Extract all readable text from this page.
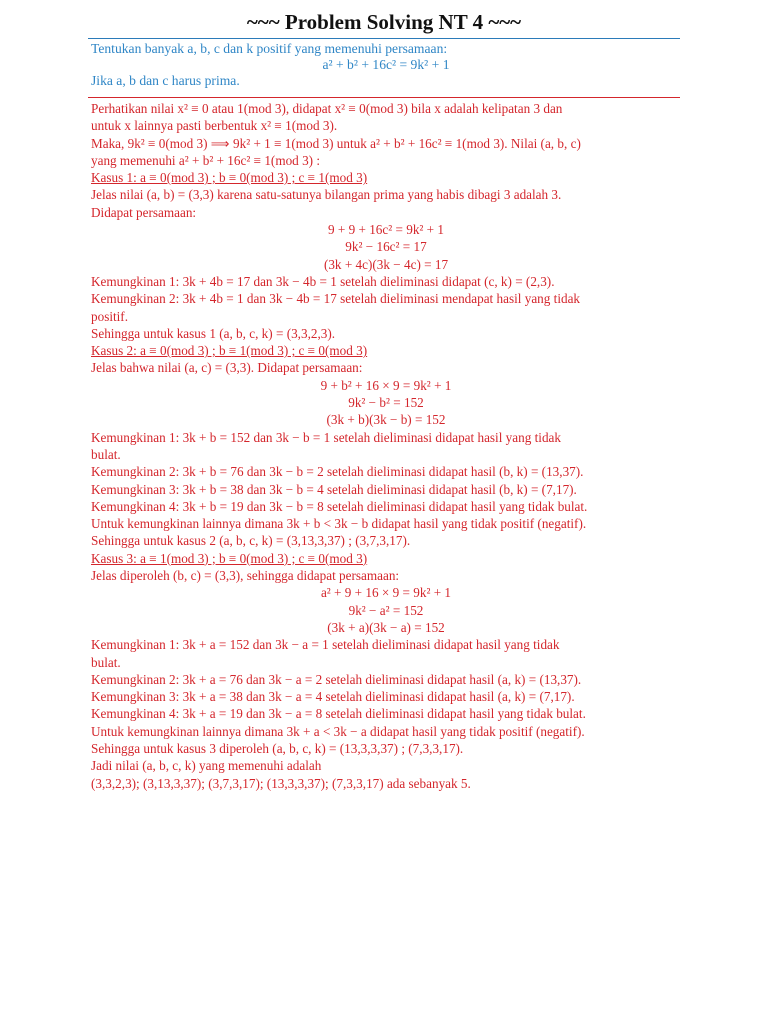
~~~ Problem Solving NT 4 ~~~
Tentukan banyak a, b, c dan k positif yang memenuhi persamaan:
a² + b² + 16c² = 9k² + 1
Jika a, b dan c harus prima.
Perhatikan nilai x² ≡ 0 atau 1(mod 3), didapat x² ≡ 0(mod 3) bila x adalah kelipatan 3 dan
untuk x lainnya pasti berbentuk x² ≡ 1(mod 3).
Maka, 9k² ≡ 0(mod 3) ⟹ 9k² + 1 ≡ 1(mod 3) untuk a² + b² + 16c² ≡ 1(mod 3). Nilai (a, b, c)
yang memenuhi a² + b² + 16c² ≡ 1(mod 3) :
Kasus 1: a ≡ 0(mod 3) ; b ≡ 0(mod 3) ; c ≡ 1(mod 3)
Jelas nilai (a, b) = (3,3) karena satu-satunya bilangan prima yang habis dibagi 3 adalah 3.
Didapat persamaan:
9 + 9 + 16c² = 9k² + 1
9k² − 16c² = 17
(3k + 4c)(3k − 4c) = 17
Kemungkinan 1: 3k + 4b = 17 dan 3k − 4b = 1 setelah dieliminasi didapat (c, k) = (2,3).
Kemungkinan 2: 3k + 4b = 1 dan 3k − 4b = 17 setelah dieliminasi mendapat hasil yang tidak
positif.
Sehingga untuk kasus 1 (a, b, c, k) = (3,3,2,3).
Kasus 2: a ≡ 0(mod 3) ; b ≡ 1(mod 3) ; c ≡ 0(mod 3)
Jelas bahwa nilai (a, c) = (3,3). Didapat persamaan:
9 + b² + 16 × 9 = 9k² + 1
9k² − b² = 152
(3k + b)(3k − b) = 152
Kemungkinan 1: 3k + b = 152 dan 3k − b = 1 setelah dieliminasi didapat hasil yang tidak
bulat.
Kemungkinan 2: 3k + b = 76 dan 3k − b = 2 setelah dieliminasi didapat hasil (b, k) = (13,37).
Kemungkinan 3: 3k + b = 38 dan 3k − b = 4 setelah dieliminasi didapat hasil (b, k) = (7,17).
Kemungkinan 4: 3k + b = 19 dan 3k − b = 8 setelah dieliminasi didapat hasil yang tidak bulat.
Untuk kemungkinan lainnya dimana 3k + b < 3k − b didapat hasil yang tidak positif (negatif).
Sehingga untuk kasus 2 (a, b, c, k) = (3,13,3,37) ; (3,7,3,17).
Kasus 3: a ≡ 1(mod 3) ; b ≡ 0(mod 3) ; c ≡ 0(mod 3)
Jelas diperoleh (b, c) = (3,3), sehingga didapat persamaan:
a² + 9 + 16 × 9 = 9k² + 1
9k² − a² = 152
(3k + a)(3k − a) = 152
Kemungkinan 1: 3k + a = 152 dan 3k − a = 1 setelah dieliminasi didapat hasil yang tidak
bulat.
Kemungkinan 2: 3k + a = 76 dan 3k − a = 2 setelah dieliminasi didapat hasil (a, k) = (13,37).
Kemungkinan 3: 3k + a = 38 dan 3k − a = 4 setelah dieliminasi didapat hasil (a, k) = (7,17).
Kemungkinan 4: 3k + a = 19 dan 3k − a = 8 setelah dieliminasi didapat hasil yang tidak bulat.
Untuk kemungkinan lainnya dimana 3k + a < 3k − a didapat hasil yang tidak positif (negatif).
Sehingga untuk kasus 3 diperoleh (a, b, c, k) = (13,3,3,37) ; (7,3,3,17).
Jadi nilai (a, b, c, k) yang memenuhi adalah
(3,3,2,3); (3,13,3,37); (3,7,3,17); (13,3,3,37); (7,3,3,17) ada sebanyak 5.
